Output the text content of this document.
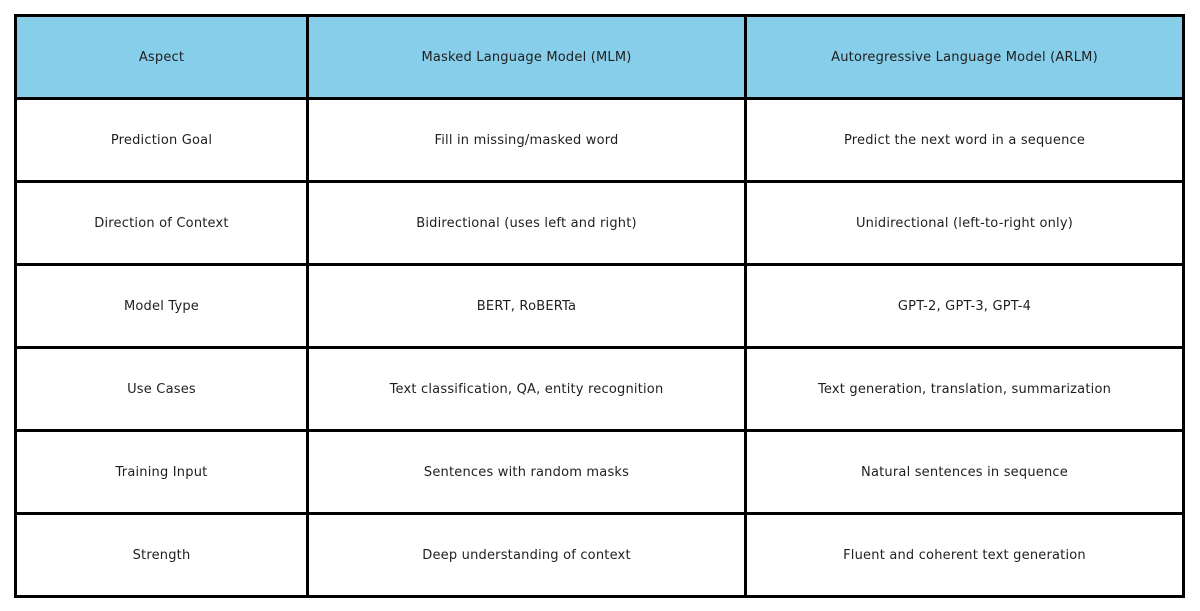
Aspect	Masked Language Model (MLM)	Autoregressive Language Model (ARLM)
Prediction Goal	Fill in missing/masked word	Predict the next word in a sequence
Direction of Context	Bidirectional (uses left and right)	Unidirectional (left-to-right only)
Model Type	BERT, RoBERTa	GPT-2, GPT-3, GPT-4
Use Cases	Text classification, QA, entity recognition	Text generation, translation, summarization
Training Input	Sentences with random masks	Natural sentences in sequence
Strength	Deep understanding of context	Fluent and coherent text generation
